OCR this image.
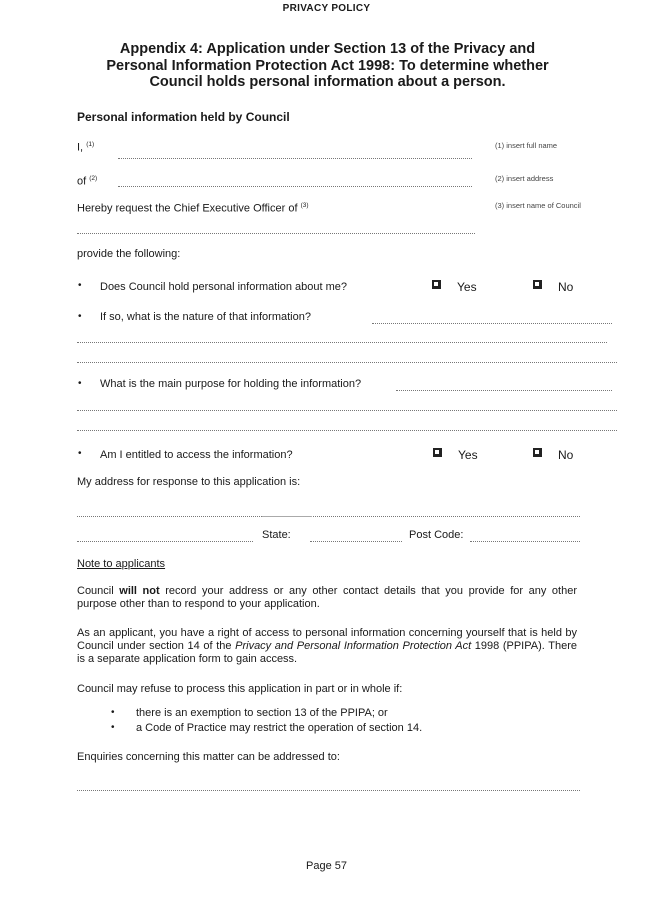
PRIVACY POLICY
Appendix 4: Application under Section 13 of the Privacy and
Personal Information Protection Act 1998: To determine whether
Council holds personal information about a person.
Personal information held by Council
I, $^{(1)}$	(1) insert full name
of $^{(2)}$	(2) insert address
Hereby request the Chief Executive Officer of $^{(3)}$	(3) insert name of Council
provide the following:
• Does Council hold personal information about me?	Yes	No
• If so, what is the nature of that information?
• What is the main purpose for holding the information?
• Am I entitled to access the information?	Yes	No
My address for response to this application is:
State:	Post Code:
Note to applicants
Council will not record your address or any other contact details that you provide for any other purpose other than to respond to your application.
As an applicant, you have a right of access to personal information concerning yourself that is held by Council under section 14 of the Privacy and Personal Information Protection Act 1998 (PPIPA). There is a separate application form to gain access.
Council may refuse to process this application in part or in whole if:
• there is an exemption to section 13 of the PPIPA; or
• a Code of Practice may restrict the operation of section 14.
Enquiries concerning this matter can be addressed to:
Page 57
